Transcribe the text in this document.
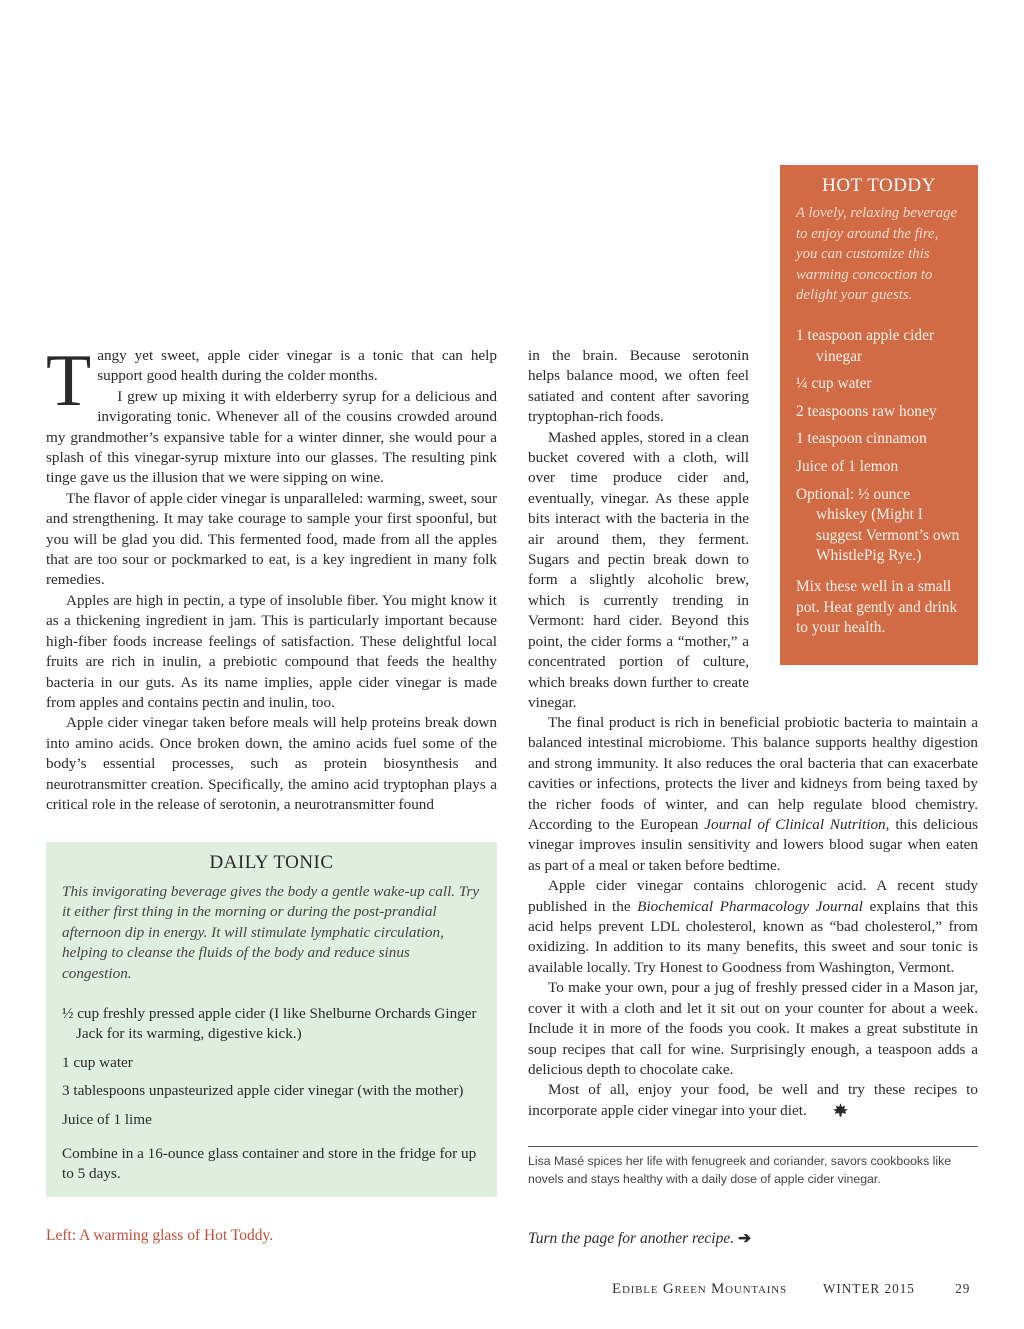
Tangy yet sweet, apple cider vinegar is a tonic that can help support good health during the colder months.

I grew up mixing it with elderberry syrup for a delicious and invigorating tonic. Whenever all of the cousins crowded around my grandmother’s expansive table for a winter dinner, she would pour a splash of this vinegar-syrup mixture into our glasses. The resulting pink tinge gave us the illusion that we were sipping on wine.

The flavor of apple cider vinegar is unparalleled: warming, sweet, sour and strengthening. It may take courage to sample your first spoonful, but you will be glad you did. This fermented food, made from all the apples that are too sour or pockmarked to eat, is a key ingredient in many folk remedies.

Apples are high in pectin, a type of insoluble fiber. You might know it as a thickening ingredient in jam. This is particularly important because high-fiber foods increase feelings of satisfaction. These delightful local fruits are rich in inulin, a prebiotic compound that feeds the healthy bacteria in our guts. As its name implies, apple cider vinegar is made from apples and contains pectin and inulin, too.

Apple cider vinegar taken before meals will help proteins break down into amino acids. Once broken down, the amino acids fuel some of the body’s essential processes, such as protein biosynthesis and neurotransmitter creation. Specifically, the amino acid tryptophan plays a critical role in the release of serotonin, a neurotransmitter found

in the brain. Because serotonin helps balance mood, we often feel satiated and content after savoring tryptophan-rich foods.

Mashed apples, stored in a clean bucket covered with a cloth, will over time produce cider and, eventually, vinegar. As these apple bits interact with the bacteria in the air around them, they ferment. Sugars and pectin break down to form a slightly alcoholic brew, which is currently trending in Vermont: hard cider. Beyond this point, the cider forms a “mother,” a concentrated portion of culture, which breaks down further to create vinegar.

The final product is rich in beneficial probiotic bacteria to maintain a balanced intestinal microbiome. This balance supports healthy digestion and strong immunity. It also reduces the oral bacteria that can exacerbate cavities or infections, protects the liver and kidneys from being taxed by the richer foods of winter, and can help regulate blood chemistry. According to the European Journal of Clinical Nutrition, this delicious vinegar improves insulin sensitivity and lowers blood sugar when eaten as part of a meal or taken before bedtime.

Apple cider vinegar contains chlorogenic acid. A recent study published in the Biochemical Pharmacology Journal explains that this acid helps prevent LDL cholesterol, known as “bad cholesterol,” from oxidizing. In addition to its many benefits, this sweet and sour tonic is available locally. Try Honest to Goodness from Washington, Vermont.

To make your own, pour a jug of freshly pressed cider in a Mason jar, cover it with a cloth and let it sit out on your counter for about a week. Include it in more of the foods you cook. It makes a great substitute in soup recipes that call for wine. Surprisingly enough, a teaspoon adds a delicious depth to chocolate cake.

Most of all, enjoy your food, be well and try these recipes to incorporate apple cider vinegar into your diet.

HOT TODDY
A lovely, relaxing beverage to enjoy around the fire, you can customize this warming concoction to delight your guests.

1 teaspoon apple cider vinegar

¼ cup water

2 teaspoons raw honey

1 teaspoon cinnamon

Juice of 1 lemon

Optional: ½ ounce whiskey (Might I suggest Vermont’s own WhistlePig Rye.)

Mix these well in a small pot. Heat gently and drink to your health.
DAILY TONIC
This invigorating beverage gives the body a gentle wake-up call. Try it either first thing in the morning or during the post-prandial afternoon dip in energy. It will stimulate lymphatic circulation, helping to cleanse the fluids of the body and reduce sinus congestion.

½ cup freshly pressed apple cider (I like Shelburne Orchards Ginger Jack for its warming, digestive kick.)

1 cup water

3 tablespoons unpasteurized apple cider vinegar (with the mother)

Juice of 1 lime

Combine in a 16-ounce glass container and store in the fridge for up to 5 days.
Lisa Masé spices her life with fenugreek and coriander, savors cookbooks like novels and stays healthy with a daily dose of apple cider vinegar.
Left: A warming glass of Hot Toddy.	Turn the page for another recipe. ➔
Edible Green Mountains	WINTER 2015	29
